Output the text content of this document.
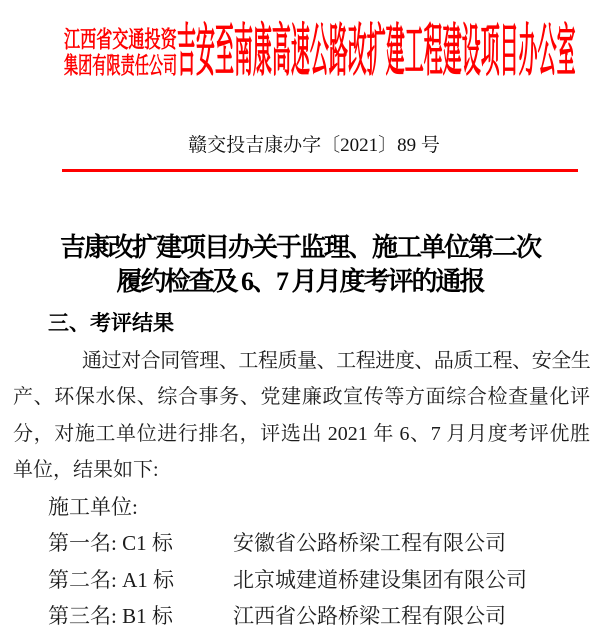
江西省交通投资
集团有限责任公司 吉安至南康高速公路改扩建工程建设项目办公室
赣交投吉康办字〔2021〕89 号
吉康改扩建项目办关于监理、施工单位第二次
履约检查及 6、7 月月度考评的通报
三、考评结果
通过对合同管理、工程质量、工程进度、品质工程、安全生
产、环保水保、综合事务、党建廉政宣传等方面综合检查量化评
分，对施工单位进行排名，评选出 2021 年 6、7 月月度考评优胜
单位，结果如下:
施工单位:
第一名: C1 标	安徽省公路桥梁工程有限公司
第二名: A1 标	北京城建道桥建设集团有限公司
第三名: B1 标	江西省公路桥梁工程有限公司
